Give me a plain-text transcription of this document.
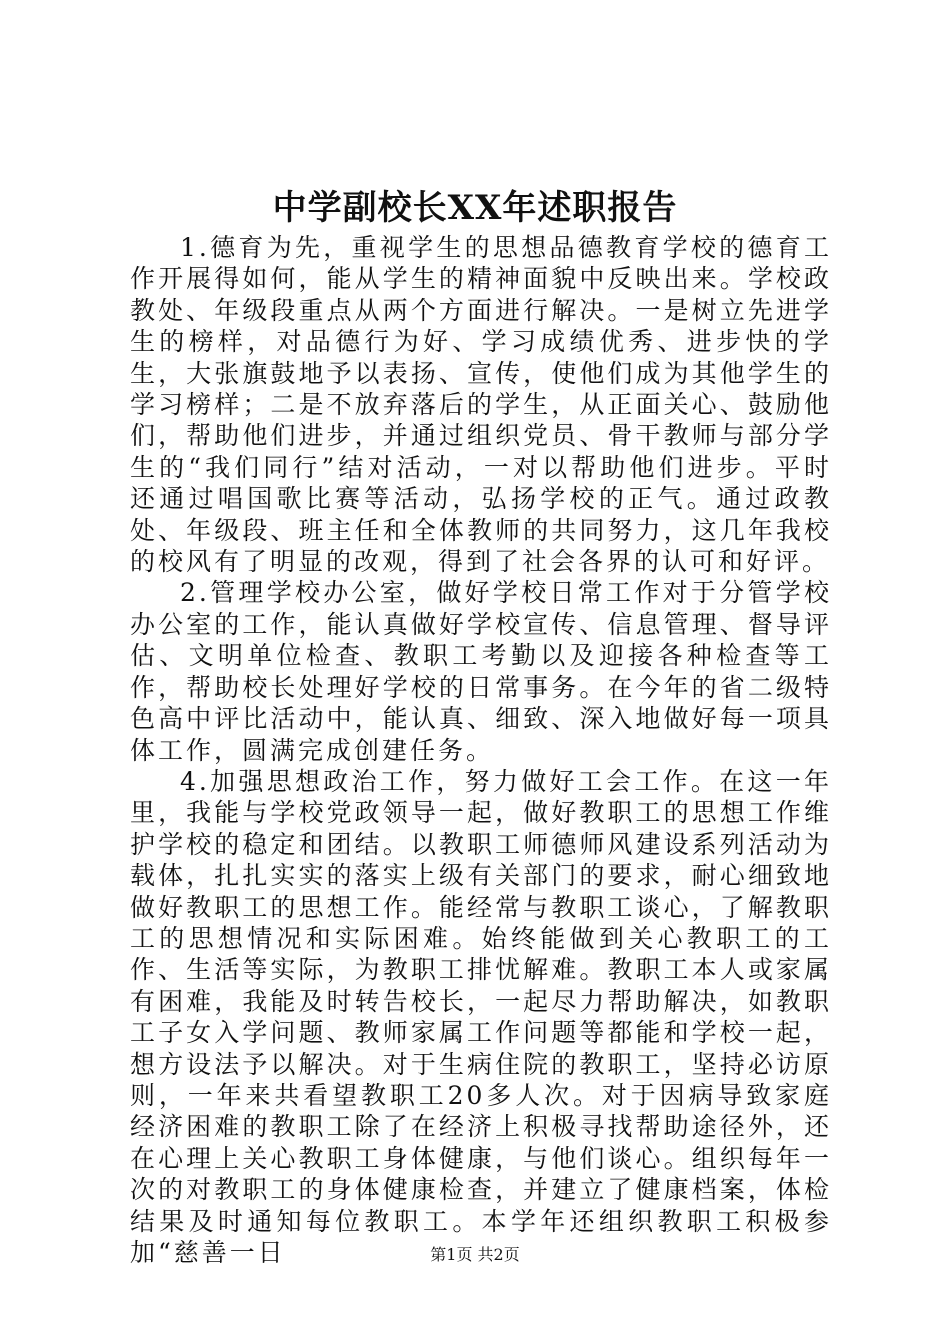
中学副校长XX年述职报告

1.德育为先，重视学生的思想品德教育学校的德育工作开展得如何，能从学生的精神面貌中反映出来。学校政教处、年级段重点从两个方面进行解决。一是树立先进学生的榜样，对品德行为好、学习成绩优秀、进步快的学生，大张旗鼓地予以表扬、宣传，使他们成为其他学生的学习榜样；二是不放弃落后的学生，从正面关心、鼓励他们，帮助他们进步，并通过组织党员、骨干教师与部分学生的“我们同行”结对活动，一对以帮助他们进步。平时还通过唱国歌比赛等活动，弘扬学校的正气。通过政教处、年级段、班主任和全体教师的共同努力，这几年我校的校风有了明显的改观，得到了社会各界的认可和好评。

2.管理学校办公室，做好学校日常工作对于分管学校办公室的工作，能认真做好学校宣传、信息管理、督导评估、文明单位检查、教职工考勤以及迎接各种检查等工作，帮助校长处理好学校的日常事务。在今年的省二级特色高中评比活动中，能认真、细致、深入地做好每一项具体工作，圆满完成创建任务。

4.加强思想政治工作，努力做好工会工作。在这一年里，我能与学校党政领导一起，做好教职工的思想工作维护学校的稳定和团结。以教职工师德师风建设系列活动为载体，扎扎实实的落实上级有关部门的要求，耐心细致地做好教职工的思想工作。能经常与教职工谈心，了解教职工的思想情况和实际困难。始终能做到关心教职工的工作、生活等实际，为教职工排忧解难。教职工本人或家属有困难，我能及时转告校长，一起尽力帮助解决，如教职工子女入学问题、教师家属工作问题等都能和学校一起，想方设法予以解决。对于生病住院的教职工，坚持必访原则，一年来共看望教职工20多人次。对于因病导致家庭经济困难的教职工除了在经济上积极寻找帮助途径外，还在心理上关心教职工身体健康，与他们谈心。组织每年一次的对教职工的身体健康检查，并建立了健康档案，体检结果及时通知每位教职工。本学年还组织教职工积极参加“慈善一日	第1页 共2页
